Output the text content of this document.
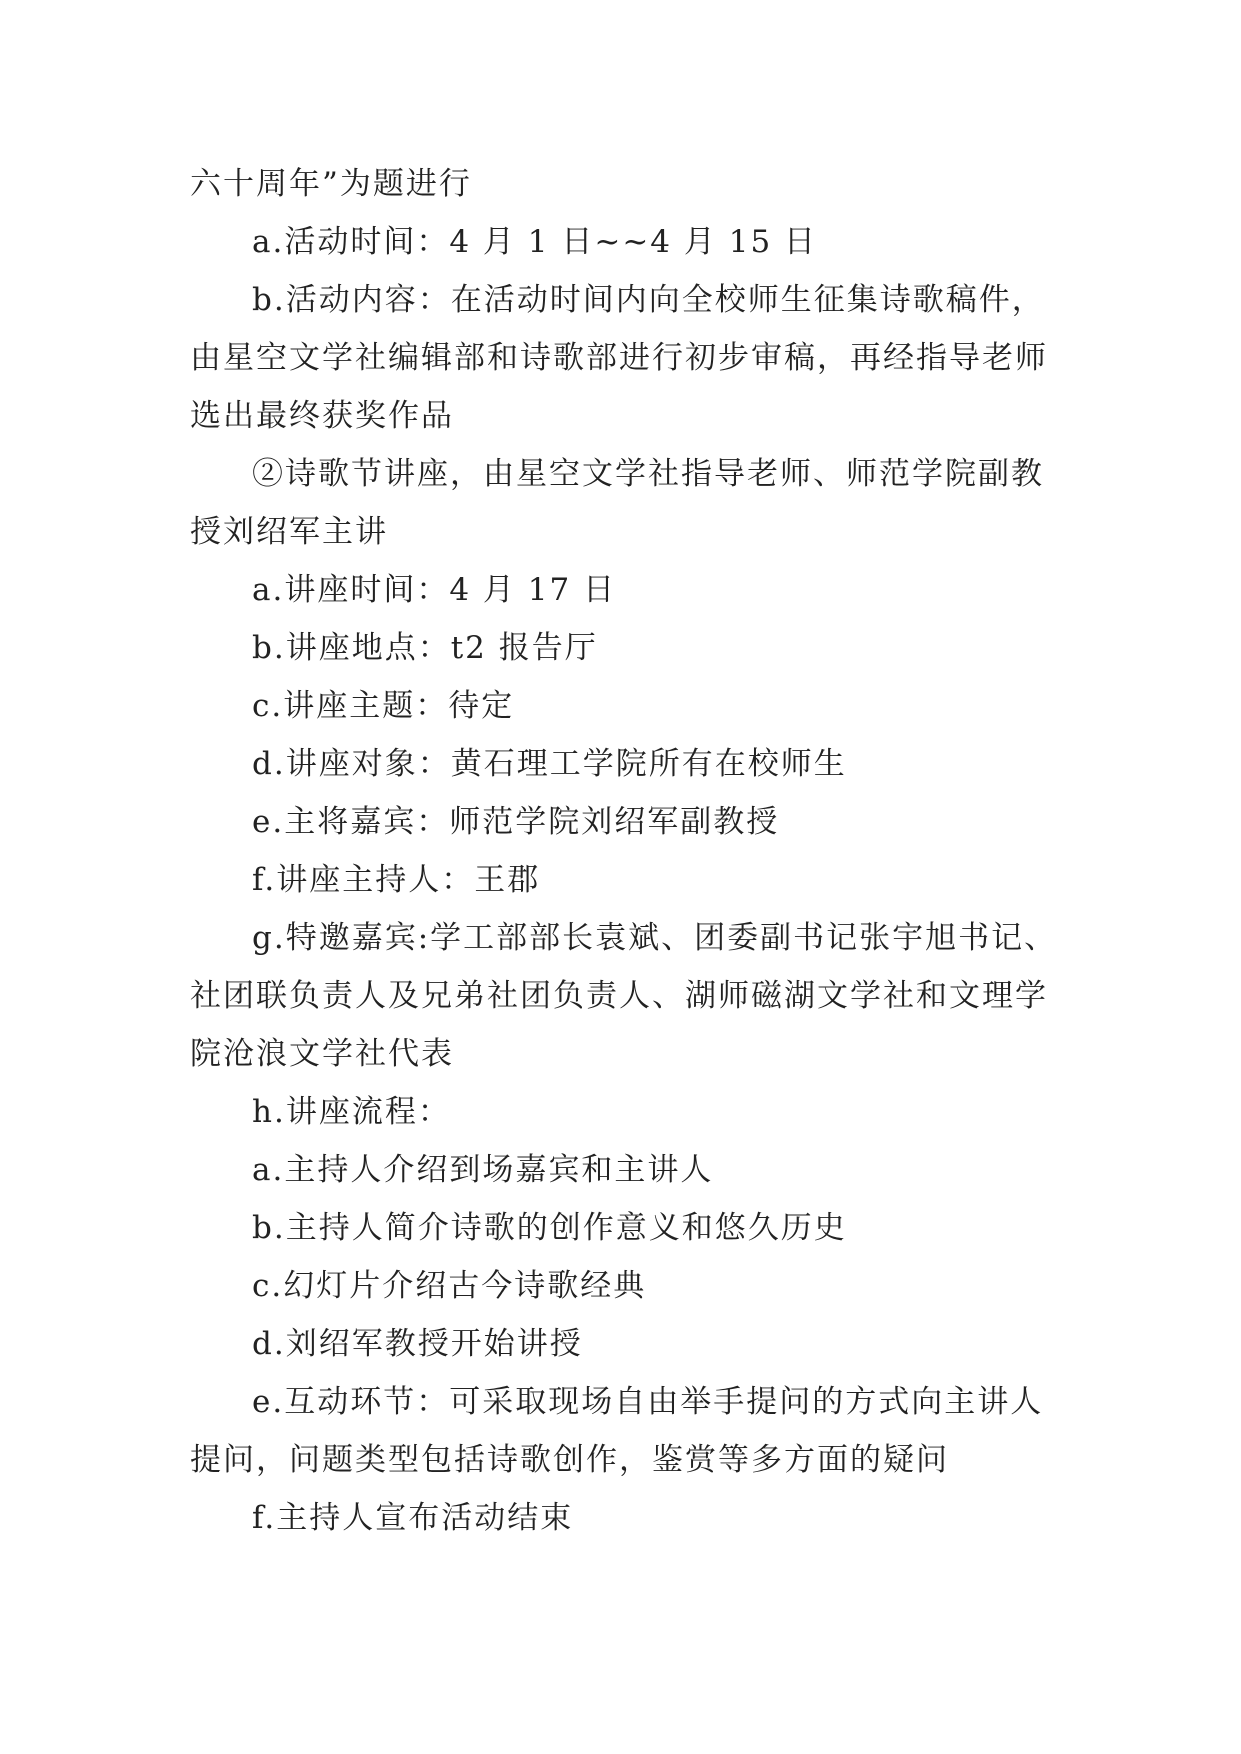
六十周年”为题进行

a.活动时间：4 月 1 日~~4 月 15 日

b.活动内容：在活动时间内向全校师生征集诗歌稿件，由星空文学社编辑部和诗歌部进行初步审稿，再经指导老师选出最终获奖作品

②诗歌节讲座，由星空文学社指导老师、师范学院副教授刘绍军主讲

a.讲座时间：4 月 17 日

b.讲座地点：t2 报告厅

c.讲座主题：待定

d.讲座对象：黄石理工学院所有在校师生

e.主将嘉宾：师范学院刘绍军副教授

f.讲座主持人：王郡

g.特邀嘉宾:学工部部长袁斌、团委副书记张宇旭书记、社团联负责人及兄弟社团负责人、湖师磁湖文学社和文理学院沧浪文学社代表

h.讲座流程：

a.主持人介绍到场嘉宾和主讲人

b.主持人简介诗歌的创作意义和悠久历史

c.幻灯片介绍古今诗歌经典

d.刘绍军教授开始讲授

e.互动环节：可采取现场自由举手提问的方式向主讲人提问，问题类型包括诗歌创作，鉴赏等多方面的疑问

f.主持人宣布活动结束
